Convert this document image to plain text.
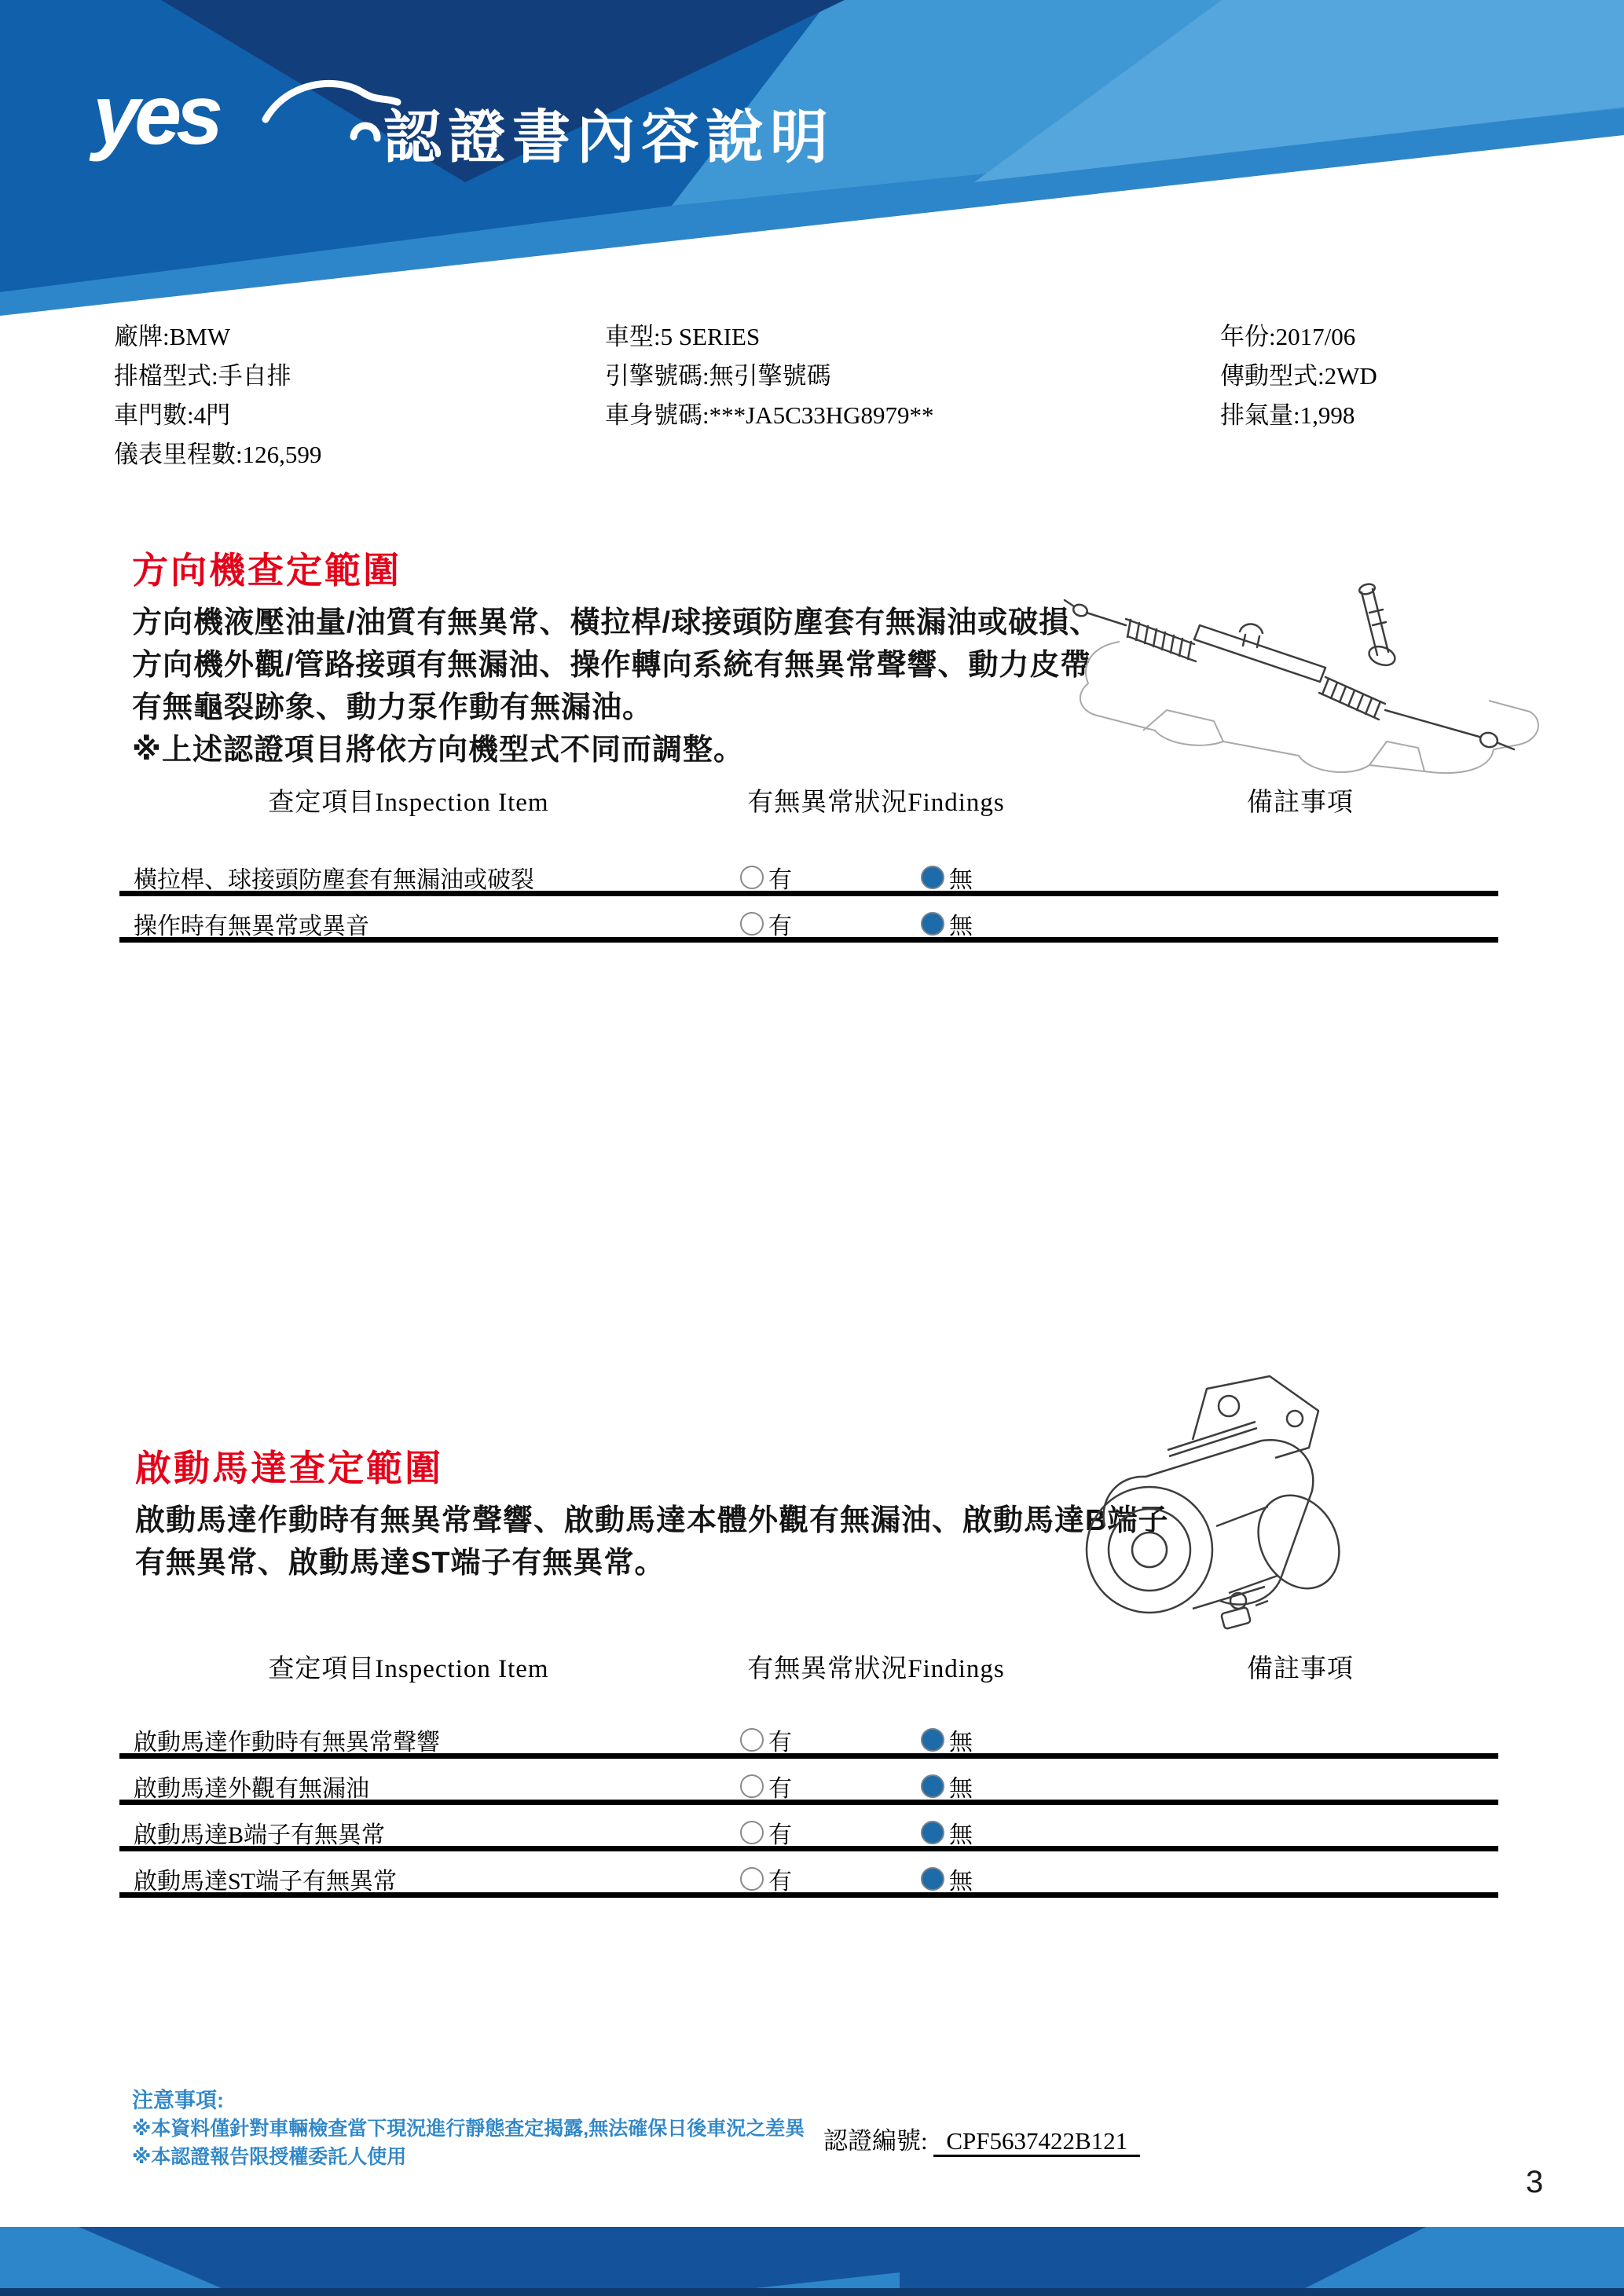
yes	認證書內容說明
廠牌:BMW
排檔型式:手自排
車門數:4門
儀表里程數:126,599
車型:5 SERIES
引擎號碼:無引擎號碼
車身號碼:***JA5C33HG8979**
年份:2017/06
傳動型式:2WD
排氣量:1,998
方向機查定範圍
方向機液壓油量/油質有無異常、橫拉桿/球接頭防塵套有無漏油或破損、
方向機外觀/管路接頭有無漏油、操作轉向系統有無異常聲響、動力皮帶
有無龜裂跡象、動力泵作動有無漏油。
※上述認證項目將依方向機型式不同而調整。
查定項目Inspection Item	有無異常狀況Findings	備註事項
橫拉桿、球接頭防塵套有無漏油或破裂	有	無
操作時有無異常或異音	有	無
啟動馬達查定範圍
啟動馬達作動時有無異常聲響、啟動馬達本體外觀有無漏油、啟動馬達B端子
有無異常、啟動馬達ST端子有無異常。
查定項目Inspection Item	有無異常狀況Findings	備註事項
啟動馬達作動時有無異常聲響	有	無
啟動馬達外觀有無漏油	有	無
啟動馬達B端子有無異常	有	無
啟動馬達ST端子有無異常	有	無
注意事項:
※本資料僅針對車輛檢查當下現況進行靜態查定揭露,無法確保日後車況之差異
※本認證報告限授權委託人使用
認證編號: CPF5637422B121
3
